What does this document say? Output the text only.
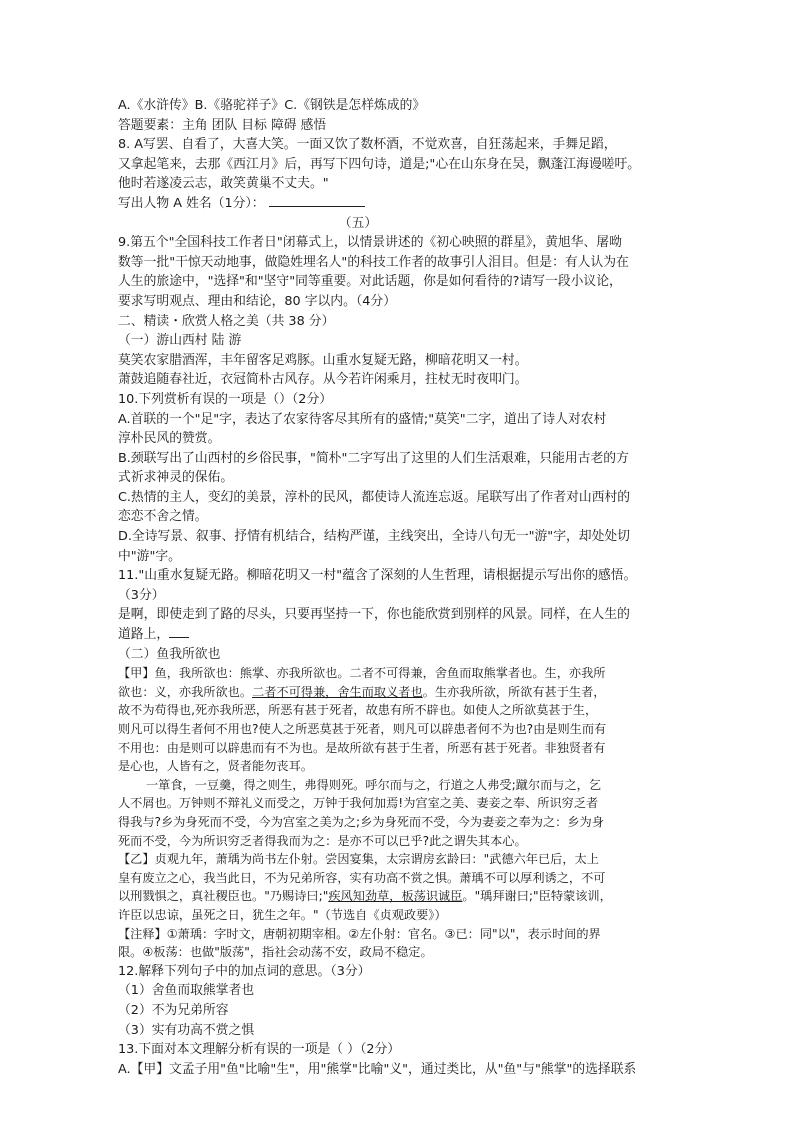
A.《水浒传》B.《骆驼祥子》C.《钢铁是怎样炼成的》
答题要素：主角 团队 目标 障碍 感悟
8. A写罢、自看了，大喜大笑。一面又饮了数杯酒，不觉欢喜，自狂荡起来，手舞足蹈，
又拿起笔来，去那《西江月》后，再写下四句诗，道是;"心在山东身在吴，飘蓬江海谩嗟吁。
他时若遂凌云志，敢笑黄巢不丈夫。"
写出人物 A 姓名（1分）：
（五）
9.第五个"全国科技工作者日"闭幕式上，以情景讲述的《初心映照的群星》，黄旭华、屠呦
数等一批"干惊天动地事，做隐姓埋名人"的科技工作者的故事引人泪目。但是：有人认为在
人生的旅途中，"选择"和"坚守"同等重要。对此话题，你是如何看待的?请写一段小议论，
要求写明观点、理由和结论，80 字以内。（4分）
二、精读・欣赏人格之美（共 38 分）
（一）游山西村 陆 游
莫笑农家腊酒浑，丰年留客足鸡豚。山重水复疑无路，柳暗花明又一村。
萧鼓追随春社近，衣冠简朴古风存。从今若许闲乘月，拄杖无时夜叩门。
10.下列赏析有误的一项是（）（2分）
A.首联的一个"足"字，表达了农家待客尽其所有的盛情;"莫笑"二字，道出了诗人对农村
淳朴民风的赞赏。
B.颈联写出了山西村的乡俗民事，"简朴"二字写出了这里的人们生活艰难，只能用古老的方
式祈求神灵的保佑。
C.热情的主人，变幻的美景，淳朴的民风，都使诗人流连忘返。尾联写出了作者对山西村的
恋恋不舍之情。
D.全诗写景、叙事、抒情有机结合，结构严谨，主线突出，全诗八句无一"游"字，却处处切
中"游"字。
11."山重水复疑无路。柳暗花明又一村"蕴含了深刻的人生哲理，请根据提示写出你的感悟。
（3分）
是啊，即使走到了路的尽头，只要再坚持一下，你也能欣赏到别样的风景。同样，在人生的
道路上，
（二）鱼我所欲也
【甲】鱼，我所欲也：熊掌、亦我所欲也。二者不可得兼，舍鱼而取熊掌者也。生，亦我所
欲也：义，亦我所欲也。二者不可得兼，舍生而取义者也。生亦我所欲，所欲有甚于生者，
故不为苟得也,死亦我所恶，所恶有甚于死者，故患有所不辟也。如使人之所欲莫甚于生，
则凡可以得生者何不用也?使人之所恶莫甚于死者，则凡可以辟患者何不为也?由是则生而有
不用也：由是则可以辟患而有不为也。是故所欲有甚于生者，所恶有甚于死者。非独贤者有
是心也，人皆有之，贤者能勿丧耳。
一箪食，一豆羹，得之则生，弗得则死。呼尔而与之，行道之人弗受;蹴尔而与之，乞
人不屑也。万钟则不辩礼义而受之，万钟于我何加焉!为宫室之美、妻妾之奉、所识穷乏者
得我与?乡为身死而不受，今为宫室之美为之;乡为身死而不受，今为妻妾之奉为之：乡为身
死而不受，今为所识穷乏者得我而为之：是亦不可以已乎?此之谓失其本心。
【乙】贞观九年，萧瑀为尚书左仆射。尝因宴集，太宗谓房玄龄曰："武德六年已后，太上
皇有废立之心，我当此日，不为兄弟所容，实有功高不赏之惧。萧瑀不可以厚利诱之，不可
以刑戮惧之，真社稷臣也。"乃赐诗曰;"疾风知劲草，板荡识诚臣。"瑀拜谢曰;"臣特蒙该训，
许臣以忠谅，虽死之日，犹生之年。"（节选自《贞观政要》）
【注释】①萧瑀：字时文，唐朝初期宰相。②左仆射：官名。③已：同"以"，表示时间的界
限。④板荡：也做"版荡"，指社会动荡不安，政局不稳定。
12.解释下列句子中的加点词的意思。（3分）
（1）舍鱼而取熊掌者也
（2）不为兄弟所容
（3）实有功高不赏之惧
13.下面对本文理解分析有误的一项是（ ）（2分）
A.【甲】文孟子用"鱼"比喻"生"，用"熊掌"比喻"义"，通过类比，从"鱼"与"熊掌"的选择联系
